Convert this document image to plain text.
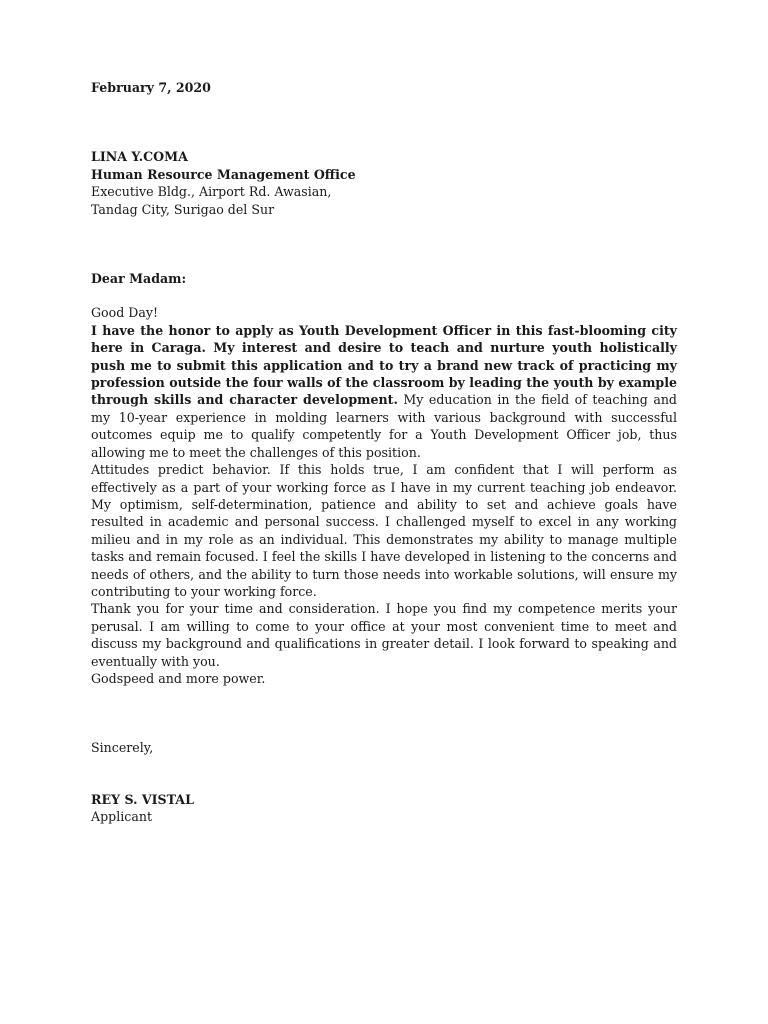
February 7, 2020
LINA Y.COMA
Human Resource Management Office
Executive Bldg., Airport Rd. Awasian,
Tandag City, Surigao del Sur
Dear Madam:
Good Day!

I have the honor to apply as Youth Development Officer in this fast-blooming city here in Caraga. My interest and desire to teach and nurture youth holistically push me to submit this application and to try a brand new track of practicing my profession outside the four walls of the classroom by leading the youth by example through skills and character development. My education in the field of teaching and my 10-year experience in molding learners with various background with successful outcomes equip me to qualify competently for a Youth Development Officer job, thus allowing me to meet the challenges of this position.

Attitudes predict behavior. If this holds true, I am confident that I will perform as effectively as a part of your working force as I have in my current teaching job endeavor. My optimism, self-determination, patience and ability to set and achieve goals have resulted in academic and personal success. I challenged myself to excel in any working milieu and in my role as an individual. This demonstrates my ability to manage multiple tasks and remain focused. I feel the skills I have developed in listening to the concerns and needs of others, and the ability to turn those needs into workable solutions, will ensure my contributing to your working force.

Thank you for your time and consideration. I hope you find my competence merits your perusal. I am willing to come to your office at your most convenient time to meet and discuss my background and qualifications in greater detail. I look forward to speaking and eventually with you.

Godspeed and more power.

Sincerely,
REY S. VISTAL
Applicant
